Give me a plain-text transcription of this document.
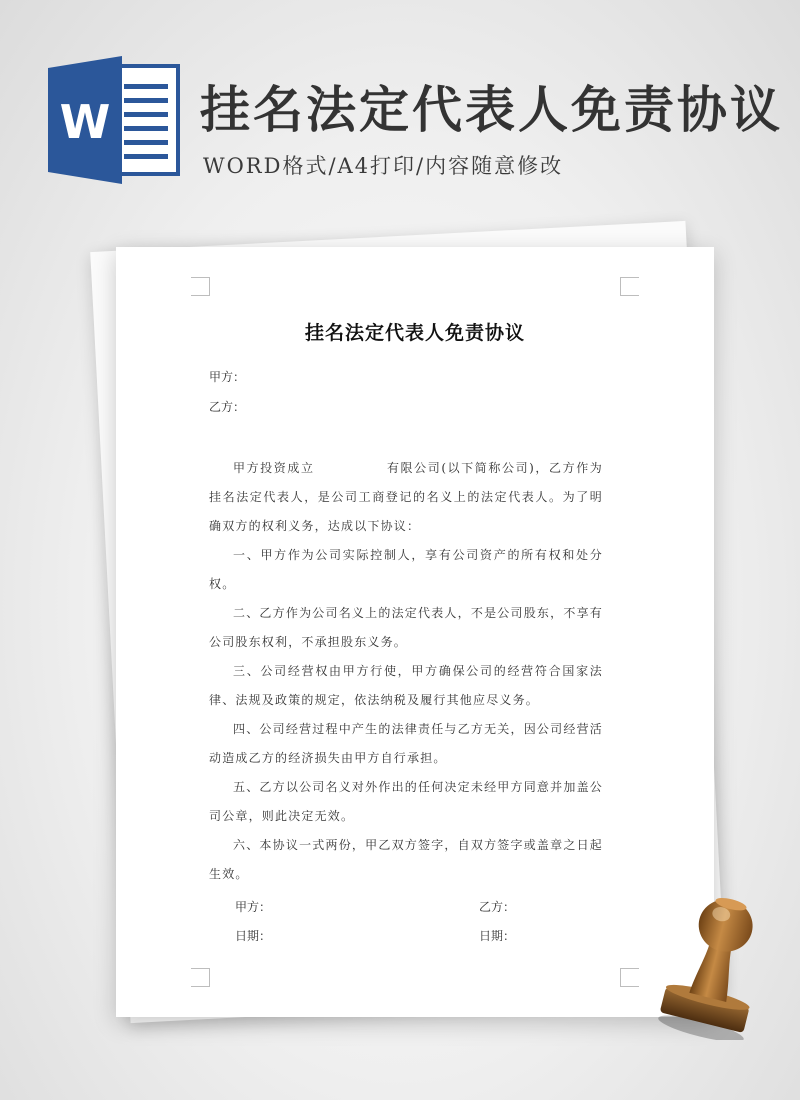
W 挂名法定代表人免责协议
WORD格式/A4打印/内容随意修改
挂名法定代表人免责协议
甲方：
乙方：

甲方投资成立	有限公司(以下简称公司)，乙方作为挂名法定代表人，是公司工商登记的名义上的法定代表人。为了明确双方的权利义务，达成以下协议：

一、甲方作为公司实际控制人，享有公司资产的所有权和处分权。

二、乙方作为公司名义上的法定代表人，不是公司股东，不享有公司股东权利，不承担股东义务。

三、公司经营权由甲方行使，甲方确保公司的经营符合国家法律、法规及政策的规定，依法纳税及履行其他应尽义务。

四、公司经营过程中产生的法律责任与乙方无关，因公司经营活动造成乙方的经济损失由甲方自行承担。

五、乙方以公司名义对外作出的任何决定未经甲方同意并加盖公司公章，则此决定无效。

六、本协议一式两份，甲乙双方签字，自双方签字或盖章之日起生效。

甲方：
日期：
乙方：
日期：
